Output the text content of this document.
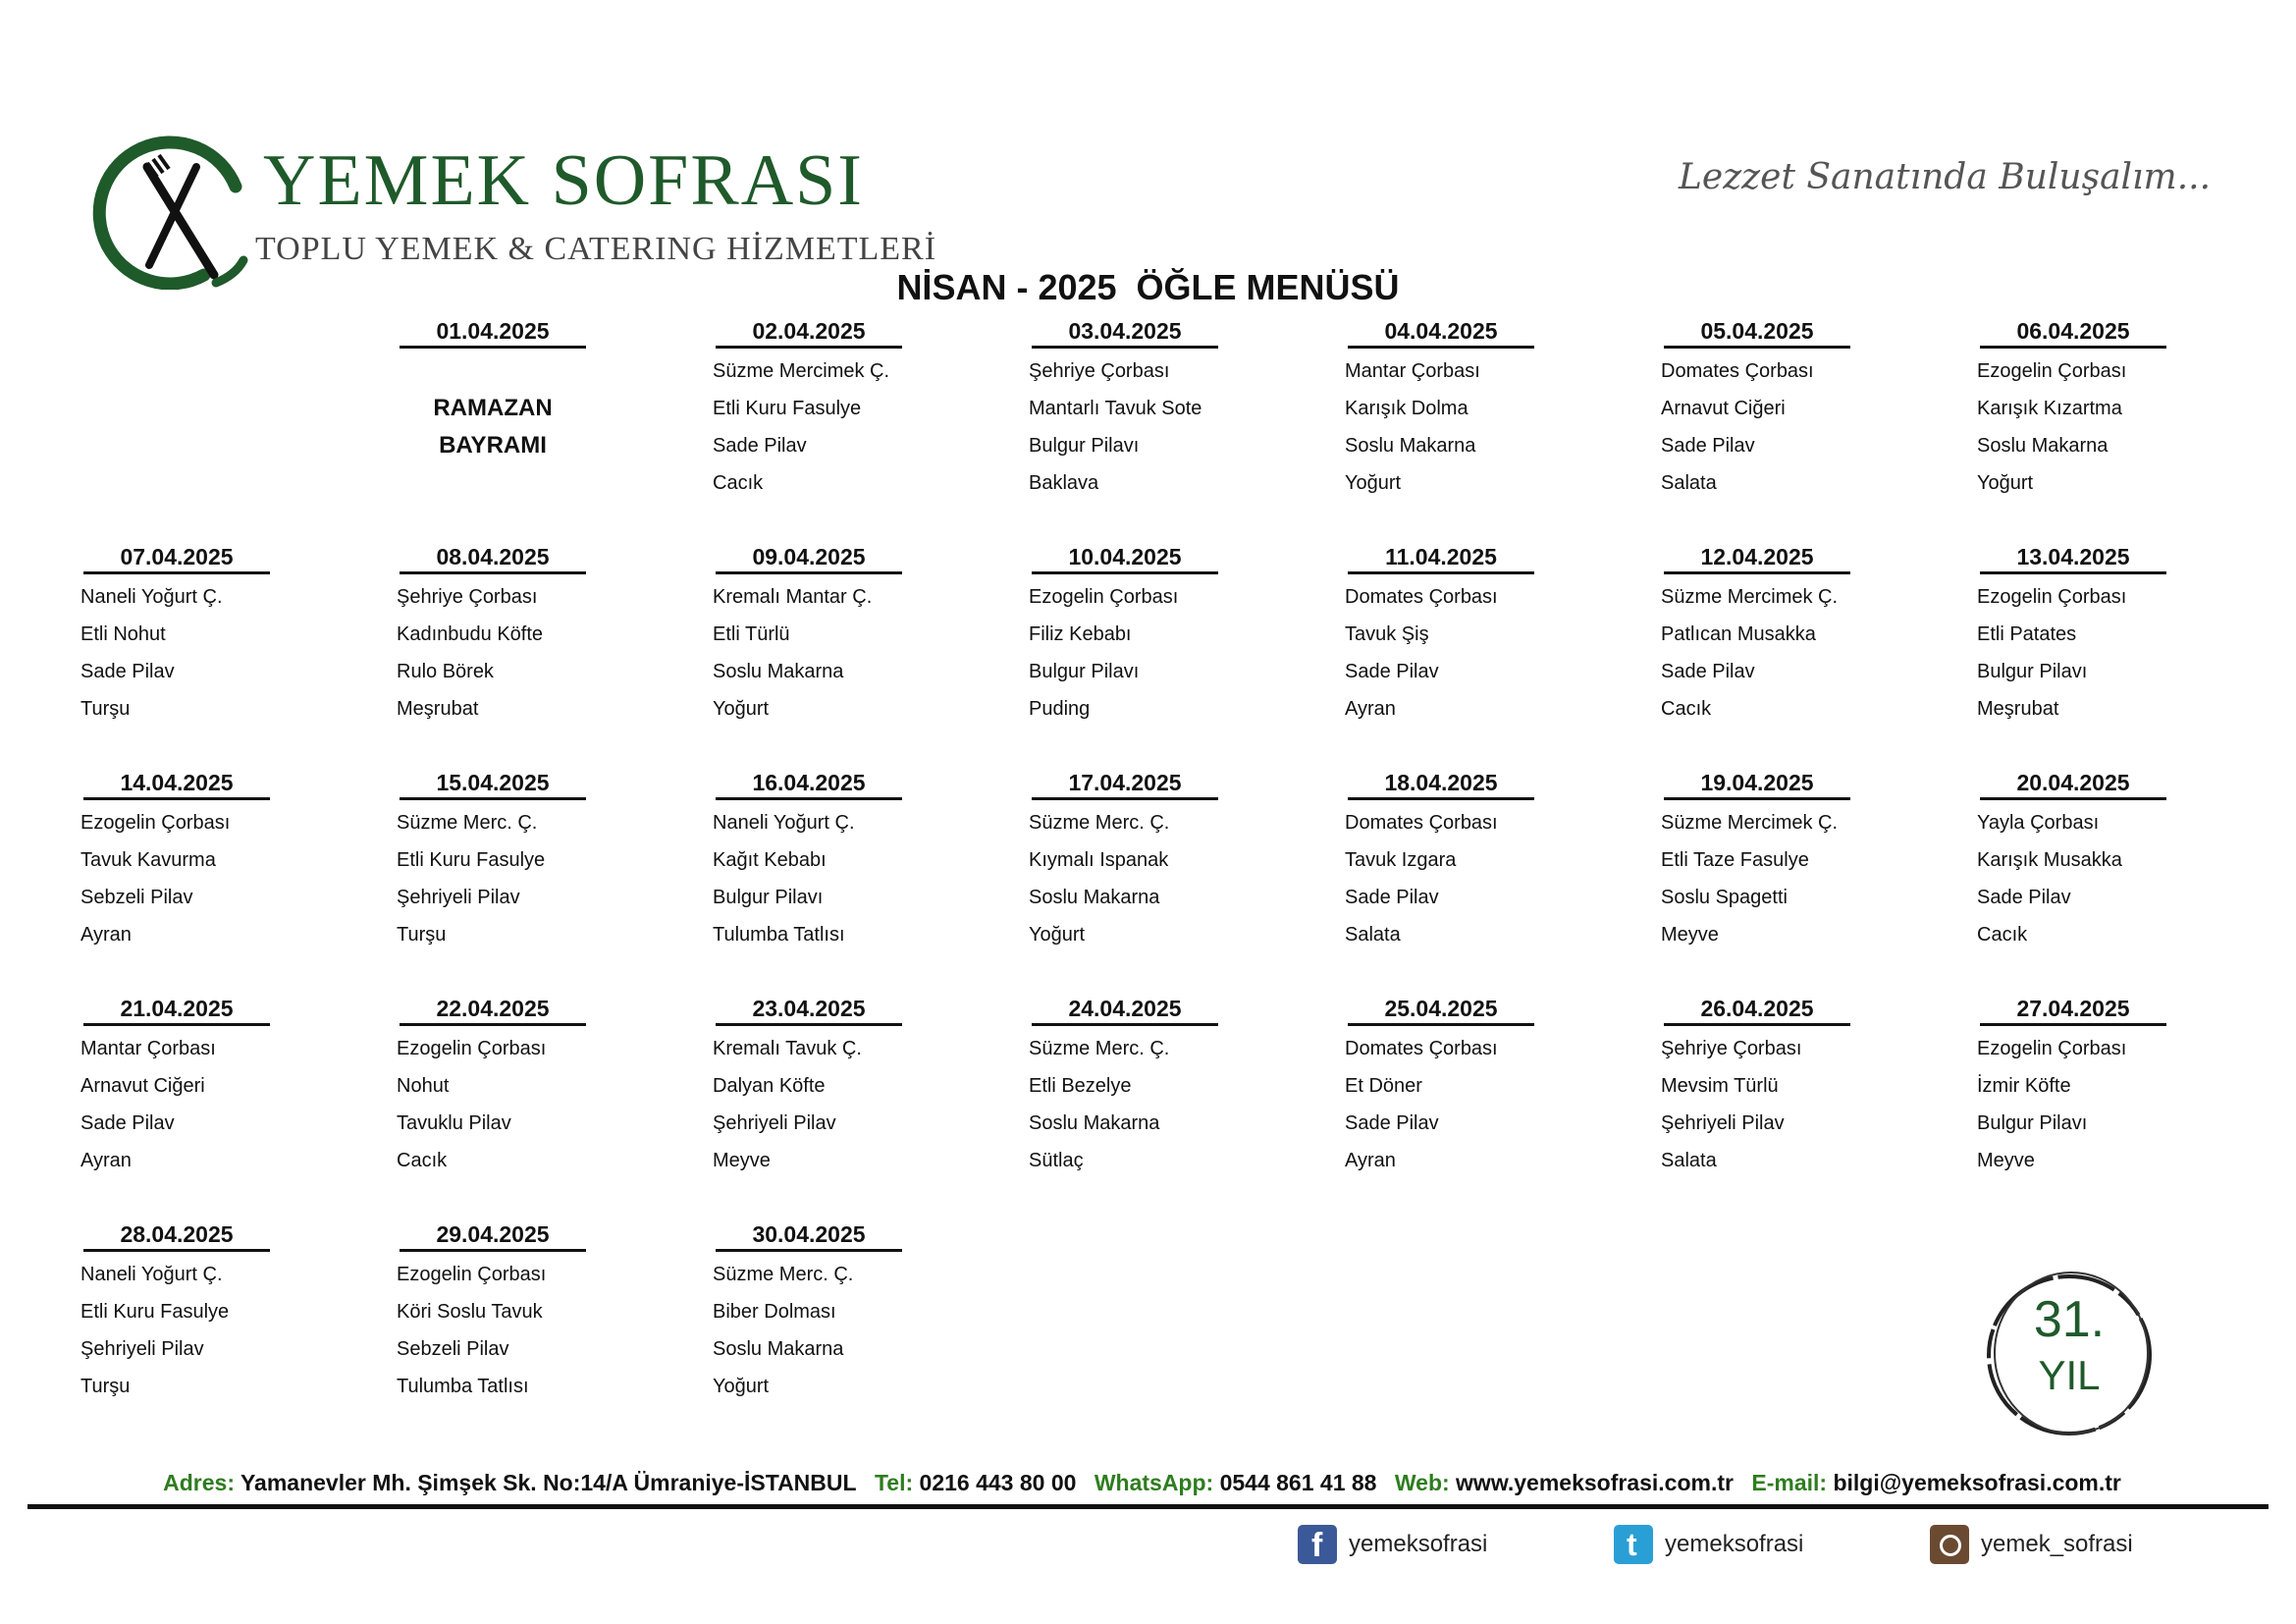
YEMEK SOFRASI
TOPLU YEMEK & CATERING HİZMETLERİ
Lezzet Sanatında Buluşalım...
NİSAN - 2025  ÖĞLE MENÜSÜ
01.04.2025
RAMAZAN
BAYRAMI
02.04.2025
Süzme Mercimek Ç.
Etli Kuru Fasulye
Sade Pilav
Cacık
03.04.2025
Şehriye Çorbası
Mantarlı Tavuk Sote
Bulgur Pilavı
Baklava
04.04.2025
Mantar Çorbası
Karışık Dolma
Soslu Makarna
Yoğurt
05.04.2025
Domates Çorbası
Arnavut Ciğeri
Sade Pilav
Salata
06.04.2025
Ezogelin Çorbası
Karışık Kızartma
Soslu Makarna
Yoğurt
07.04.2025
Naneli Yoğurt Ç.
Etli Nohut
Sade Pilav
Turşu
08.04.2025
Şehriye Çorbası
Kadınbudu Köfte
Rulo Börek
Meşrubat
09.04.2025
Kremalı Mantar Ç.
Etli Türlü
Soslu Makarna
Yoğurt
10.04.2025
Ezogelin Çorbası
Filiz Kebabı
Bulgur Pilavı
Puding
11.04.2025
Domates Çorbası
Tavuk Şiş
Sade Pilav
Ayran
12.04.2025
Süzme Mercimek Ç.
Patlıcan Musakka
Sade Pilav
Cacık
13.04.2025
Ezogelin Çorbası
Etli Patates
Bulgur Pilavı
Meşrubat
14.04.2025
Ezogelin Çorbası
Tavuk Kavurma
Sebzeli Pilav
Ayran
15.04.2025
Süzme Merc. Ç.
Etli Kuru Fasulye
Şehriyeli Pilav
Turşu
16.04.2025
Naneli Yoğurt Ç.
Kağıt Kebabı
Bulgur Pilavı
Tulumba Tatlısı
17.04.2025
Süzme Merc. Ç.
Kıymalı Ispanak
Soslu Makarna
Yoğurt
18.04.2025
Domates Çorbası
Tavuk Izgara
Sade Pilav
Salata
19.04.2025
Süzme Mercimek Ç.
Etli Taze Fasulye
Soslu Spagetti
Meyve
20.04.2025
Yayla Çorbası
Karışık Musakka
Sade Pilav
Cacık
21.04.2025
Mantar Çorbası
Arnavut Ciğeri
Sade Pilav
Ayran
22.04.2025
Ezogelin Çorbası
Nohut
Tavuklu Pilav
Cacık
23.04.2025
Kremalı Tavuk Ç.
Dalyan Köfte
Şehriyeli Pilav
Meyve
24.04.2025
Süzme Merc. Ç.
Etli Bezelye
Soslu Makarna
Sütlaç
25.04.2025
Domates Çorbası
Et Döner
Sade Pilav
Ayran
26.04.2025
Şehriye Çorbası
Mevsim Türlü
Şehriyeli Pilav
Salata
27.04.2025
Ezogelin Çorbası
İzmir Köfte
Bulgur Pilavı
Meyve
28.04.2025
Naneli Yoğurt Ç.
Etli Kuru Fasulye
Şehriyeli Pilav
Turşu
29.04.2025
Ezogelin Çorbası
Köri Soslu Tavuk
Sebzeli Pilav
Tulumba Tatlısı
30.04.2025
Süzme Merc. Ç.
Biber Dolması
Soslu Makarna
Yoğurt
31.
YIL
Adres: Yamanevler Mh. Şimşek Sk. No:14/A Ümraniye-İSTANBUL Tel: 0216 443 80 00 WhatsApp: 0544 861 41 88 Web: www.yemeksofrasi.com.tr E-mail: bilgi@yemeksofrasi.com.tr
f
yemeksofrasi
t	yemeksofrasi	yemek_sofrasi
